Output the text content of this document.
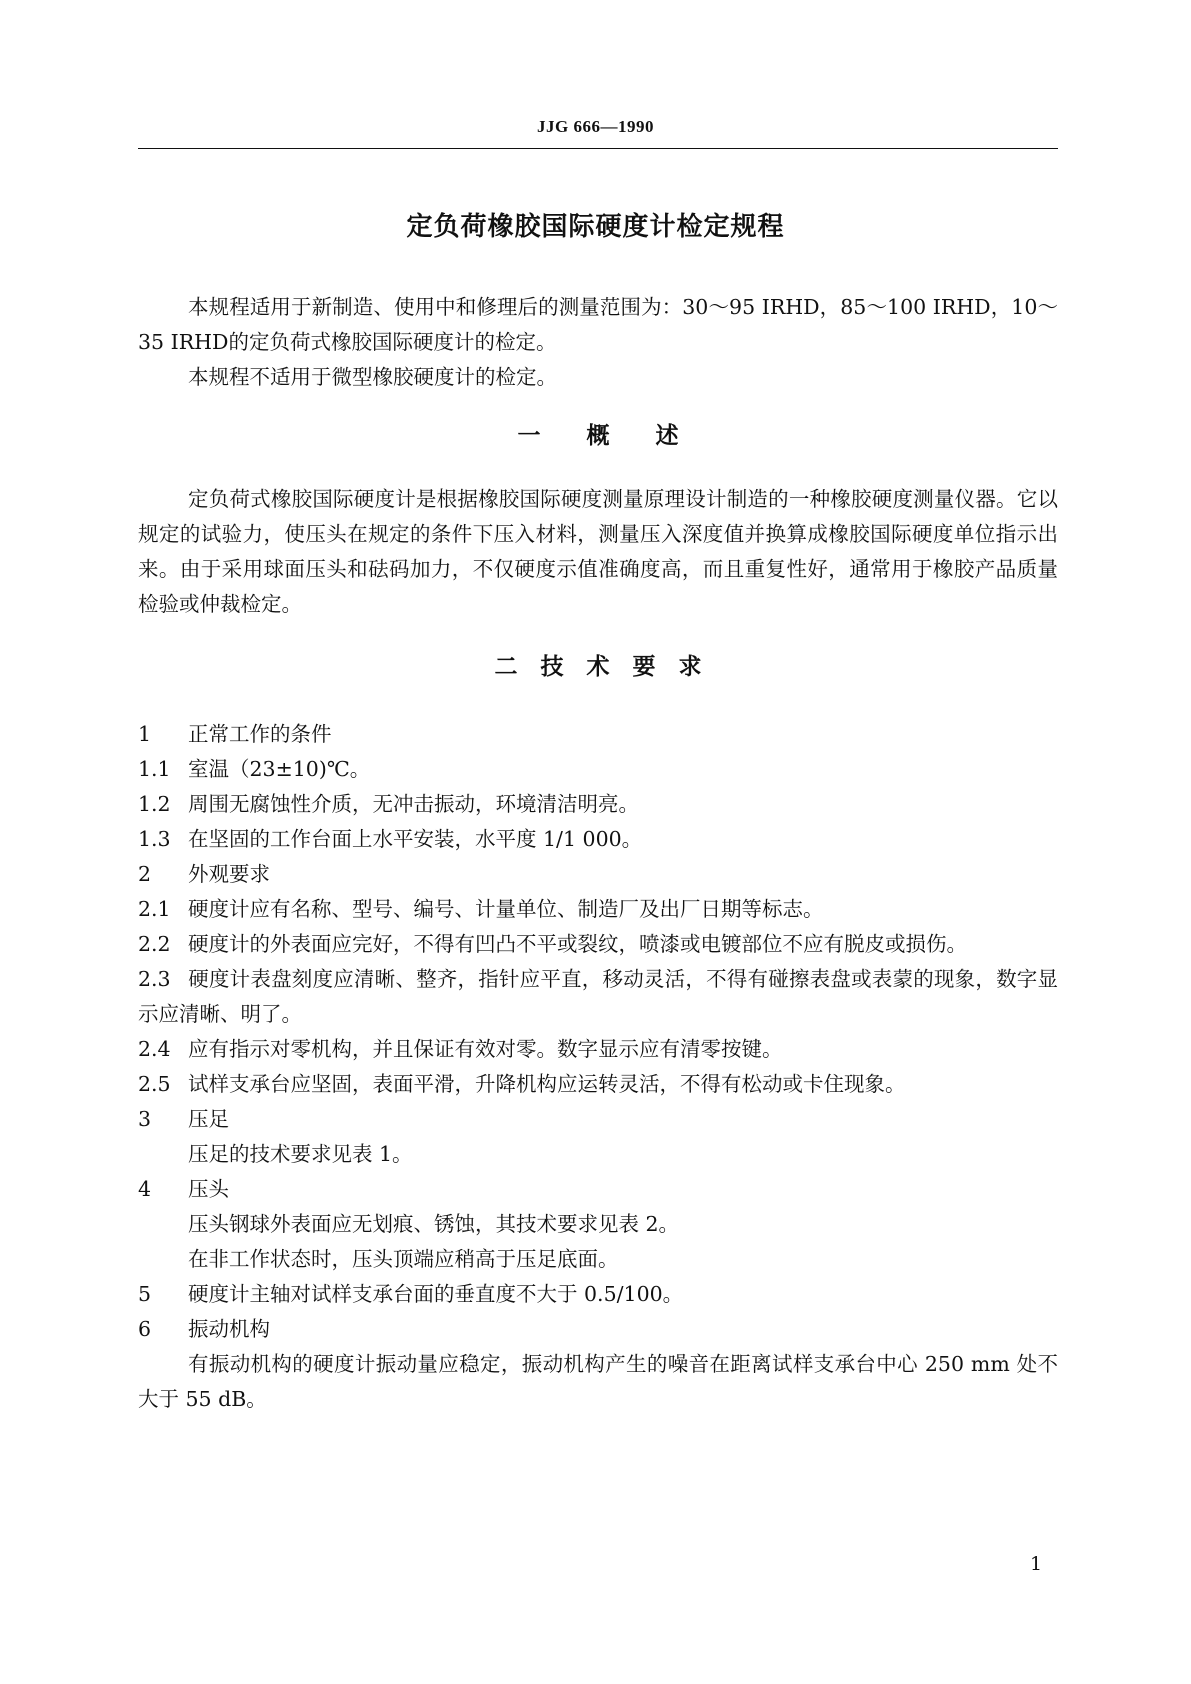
JJG 666—1990
定负荷橡胶国际硬度计检定规程

本规程适用于新制造、使用中和修理后的测量范围为：30～95 IRHD，85～100 IRHD，10～35 IRHD的定负荷式橡胶国际硬度计的检定。

本规程不适用于微型橡胶硬度计的检定。

一　　概　　述

定负荷式橡胶国际硬度计是根据橡胶国际硬度测量原理设计制造的一种橡胶硬度测量仪器。它以规定的试验力，使压头在规定的条件下压入材料，测量压入深度值并换算成橡胶国际硬度单位指示出来。由于采用球面压头和砝码加力，不仅硬度示值准确度高，而且重复性好，通常用于橡胶产品质量检验或仲裁检定。

二　技　术　要　求

1 正常工作的条件

1.1 室温（23±10)℃。

1.2 周围无腐蚀性介质，无冲击振动，环境清洁明亮。

1.3 在坚固的工作台面上水平安装，水平度 1/1 000。

2 外观要求

2.1 硬度计应有名称、型号、编号、计量单位、制造厂及出厂日期等标志。

2.2 硬度计的外表面应完好，不得有凹凸不平或裂纹，喷漆或电镀部位不应有脱皮或损伤。

2.3 硬度计表盘刻度应清晰、整齐，指针应平直，移动灵活，不得有碰擦表盘或表蒙的现象，数字显示应清晰、明了。

2.4 应有指示对零机构，并且保证有效对零。数字显示应有清零按键。

2.5 试样支承台应坚固，表面平滑，升降机构应运转灵活，不得有松动或卡住现象。

3 压足

压足的技术要求见表 1。

4 压头

压头钢球外表面应无划痕、锈蚀，其技术要求见表 2。

在非工作状态时，压头顶端应稍高于压足底面。

5 硬度计主轴对试样支承台面的垂直度不大于 0.5/100。

6 振动机构

有振动机构的硬度计振动量应稳定，振动机构产生的噪音在距离试样支承台中心 250 mm 处不大于 55 dB。

1
